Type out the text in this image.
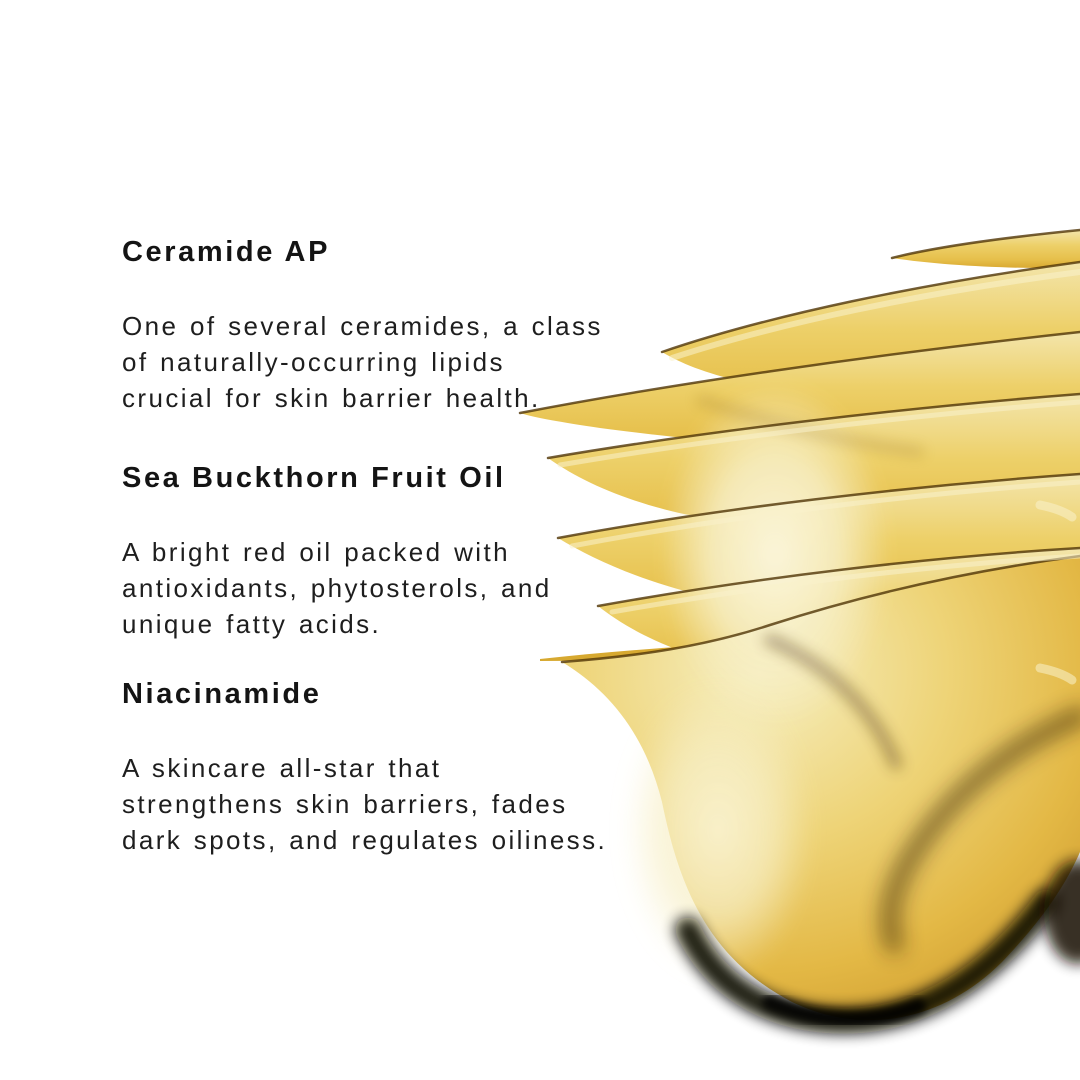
Ceramide AP

One of several ceramides, a class
of naturally-occurring lipids
crucial for skin barrier health.

Sea Buckthorn Fruit Oil

A bright red oil packed with
antioxidants, phytosterols, and
unique fatty acids.

Niacinamide

A skincare all-star that
strengthens skin barriers, fades
dark spots, and regulates oiliness.
